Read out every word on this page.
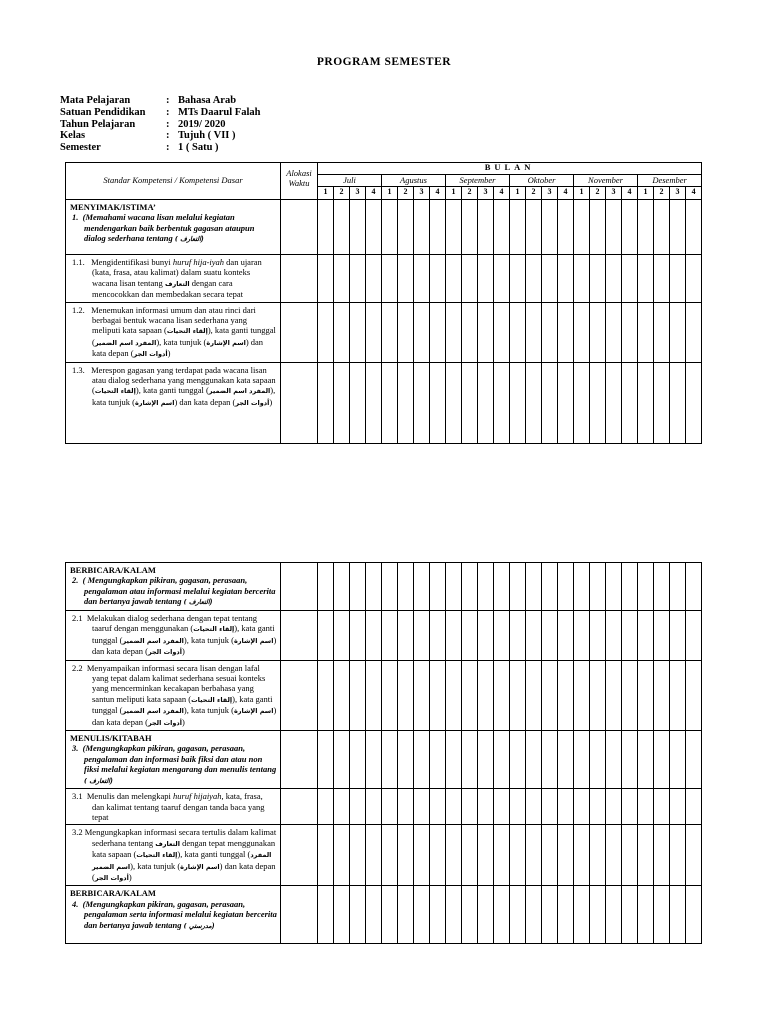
PROGRAM SEMESTER
Mata Pelajaran	: Bahasa Arab
Satuan Pendidikan	: MTs Daarul Falah
Tahun Pelajaran	: 2019/ 2020
Kelas	: Tujuh ( VII )
Semester	: 1 ( Satu )
Standar Kompetensi / Kompetensi Dasar	Alokasi Waktu	BULAN																							
		Juli				Agustus				September				Oktober				November				Desember			
		1	2	3	4	1	2	3	4	1	2	3	4	1	2	3	4	1	2	3	4	1	2	3	4

MENYIMAK/ISTIMA’
1. (Memahami wacana lisan melalui kegiatan mendengarkan baik berbentuk gagasan ataupun dialog sederhana tentang ( التعارف)																									

1.1. Mengidentifikasi bunyi huruf hija-iyah dan ujaran (kata, frasa, atau kalimat) dalam suatu konteks wacana lisan tentang التعارف dengan cara mencocokkan dan membedakan secara tepat																									

1.2. Menemukan informasi umum dan atau rinci dari berbagai bentuk wacana lisan sederhana yang meliputi kata sapaan (إلقاء التحيات), kata ganti tunggal (المفرد اسم الضمير), kata tunjuk (اسم الإشارة) dan kata depan (أدوات الجر)																									

1.3. Merespon gagasan yang terdapat pada wacana lisan atau dialog sederhana yang menggunakan kata sapaan (إلقاء التحيات), kata ganti tunggal (المفرد اسم الضمير), kata tunjuk (اسم الإشارة) dan kata depan (أدوات الجر)																									

BERBICARA/KALAM
2. ( Mengungkapkan pikiran, gagasan, perasaan, pengalaman atau informasi melalui kegiatan bercerita dan bertanya jawab tentang ( التعارف)																									

2.1 Melakukan dialog sederhana dengan tepat tentang taaruf dengan menggunakan (إلقاء التحيات), kata ganti tunggal (المفرد اسم الضمير), kata tunjuk (اسم الإشارة) dan kata depan (أدوات الجر)																									

2.2 Menyampaikan informasi secara lisan dengan lafal yang tepat dalam kalimat sederhana sesuai konteks yang mencerminkan kecakapan berbahasa yang santun meliputi kata sapaan (إلقاء التحيات), kata ganti tunggal (المفرد اسم الضمير), kata tunjuk (اسم الإشارة) dan kata depan (أدوات الجر)																									

MENULIS/KITABAH
3. (Mengungkapkan pikiran, gagasan, perasaan, pengalaman dan informasi baik fiksi dan atau non fiksi melalui kegiatan mengarang dan menulis tentang ( التعارف)																									

3.1 Menulis dan melengkapi huruf hijaiyah, kata, frasa, dan kalimat tentang taaruf dengan tanda baca yang tepat																									

3.2 Mengungkapkan informasi secara tertulis dalam kalimat sederhana tentang التعارف dengan tepat menggunakan kata sapaan (إلقاء التحيات), kata ganti tunggal (المفرد اسم الضمير), kata tunjuk (اسم الإشارة) dan kata depan (أدوات الجر)																									

BERBICARA/KALAM
4. (Mengungkapkan pikiran, gagasan, perasaan, pengalaman serta informasi melalui kegiatan bercerita dan bertanya jawab tentang ( مدرستي)																									
